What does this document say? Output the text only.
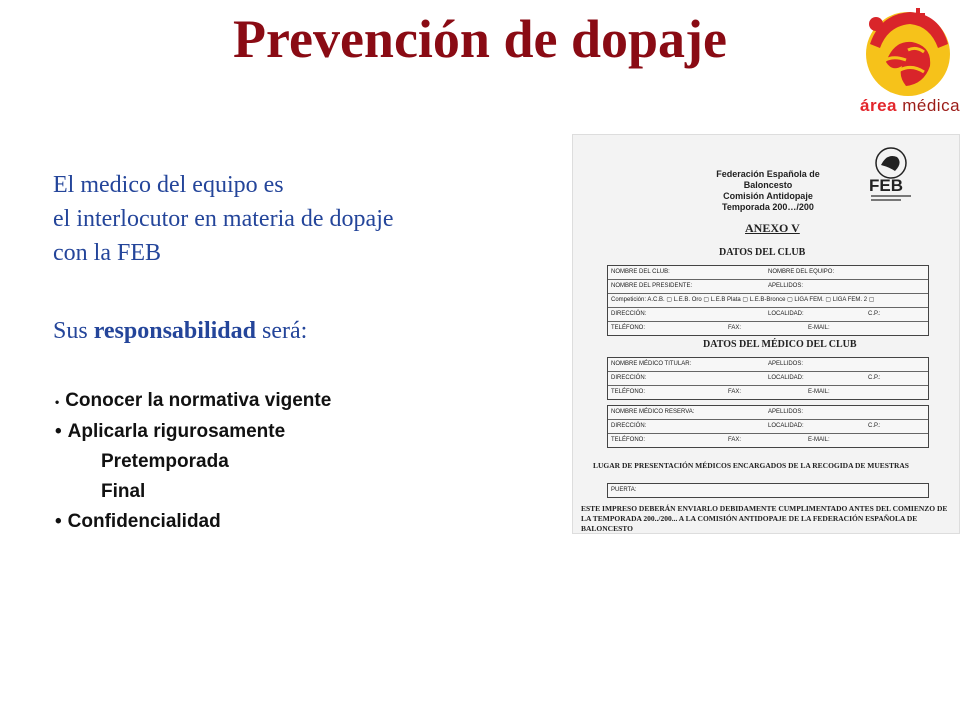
Prevención de dopaje
área médica

El medico del equipo es

el interlocutor en materia de dopaje

con la FEB

Sus responsabilidad será:
• Conocer la normativa vigente
• Aplicarla rigurosamente
Pretemporada
Final
• Confidencialidad
Federación Española de Baloncesto
Comisión Antidopaje
Temporada 200…/200
FEB
ANEXO V
DATOS DEL CLUB
NOMBRE DEL CLUB:	NOMBRE DEL EQUIPO:
NOMBRE DEL PRESIDENTE:	APELLIDOS:
Competición: A.C.B. ▢ L.E.B. Oro ▢ L.E.B Plata ▢ L.E.B-Bronce ▢ LIGA FEM. ▢ LIGA FEM. 2 ▢
DIRECCIÓN:	LOCALIDAD:	C.P.:
TELÉFONO:	FAX:	E-MAIL:
DATOS DEL MÉDICO DEL CLUB
NOMBRE MÉDICO TITULAR:	APELLIDOS:
DIRECCIÓN:	LOCALIDAD:	C.P.:
TELÉFONO:	FAX:	E-MAIL:
NOMBRE MÉDICO RESERVA:	APELLIDOS:
DIRECCIÓN:	LOCALIDAD:	C.P.:
TELÉFONO:	FAX:	E-MAIL:
LUGAR DE PRESENTACIÓN MÉDICOS ENCARGADOS DE LA RECOGIDA DE MUESTRAS
PUERTA:
ESTE IMPRESO DEBERÁN ENVIARLO DEBIDAMENTE CUMPLIMENTADO ANTES DEL COMIENZO DE LA TEMPORADA 200../200... A LA COMISIÓN ANTIDOPAJE DE LA FEDERACIÓN ESPAÑOLA DE BALONCESTO
